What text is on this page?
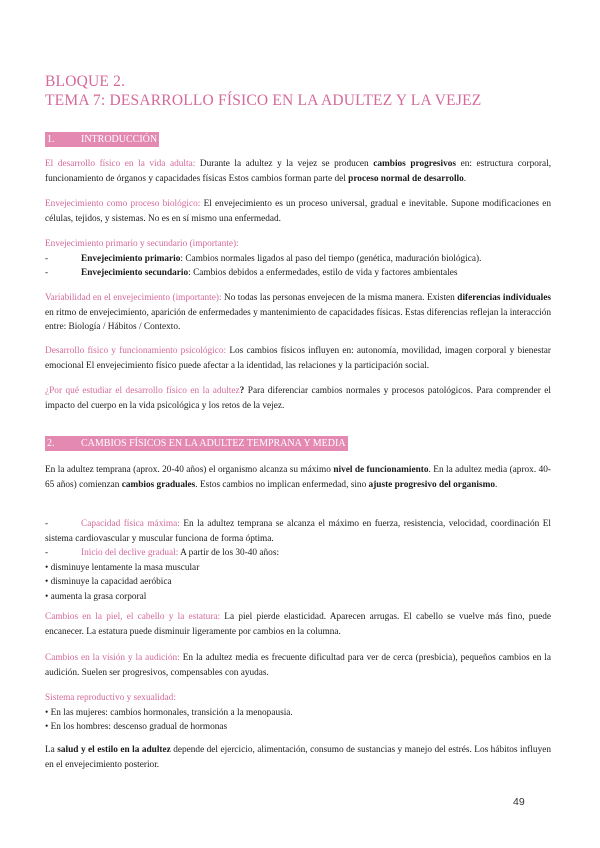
BLOQUE 2.

TEMA 7: DESARROLLO FÍSICO EN LA ADULTEZ Y LA VEJEZ

1.	INTRODUCCIÓN

El desarrollo físico en la vida adulta: Durante la adultez y la vejez se producen cambios progresivos en: estructura corporal, funcionamiento de órganos y capacidades físicas Estos cambios forman parte del proceso normal de desarrollo.

Envejecimiento como proceso biológico: El envejecimiento es un proceso universal, gradual e inevitable. Supone modificaciones en células, tejidos, y sistemas. No es en sí mismo una enfermedad.

Envejecimiento primario y secundario (importante):
-	Envejecimiento primario: Cambios normales ligados al paso del tiempo (genética, maduración biológica).
-	Envejecimiento secundario: Cambios debidos a enfermedades, estilo de vida y factores ambientales

Variabilidad en el envejecimiento (importante): No todas las personas envejecen de la misma manera. Existen diferencias individuales en ritmo de envejecimiento, aparición de enfermedades y mantenimiento de capacidades físicas. Estas diferencias reflejan la interacción entre: Biología / Hábitos / Contexto.

Desarrollo físico y funcionamiento psicológico: Los cambios físicos influyen en: autonomía, movilidad, imagen corporal y bienestar emocional El envejecimiento físico puede afectar a la identidad, las relaciones y la participación social.

¿Por qué estudiar el desarrollo físico en la adultez? Para diferenciar cambios normales y procesos patológicos. Para comprender el impacto del cuerpo en la vida psicológica y los retos de la vejez.

2.	CAMBIOS FÍSICOS EN LA ADULTEZ TEMPRANA Y MEDIA

En la adultez temprana (aprox. 20-40 años) el organismo alcanza su máximo nivel de funcionamiento. En la adultez media (aprox. 40-65 años) comienzan cambios graduales. Estos cambios no implican enfermedad, sino ajuste progresivo del organismo.

-	Capacidad física máxima: En la adultez temprana se alcanza el máximo en fuerza, resistencia, velocidad, coordinación El sistema cardiovascular y muscular funciona de forma óptima.
-	Inicio del declive gradual: A partir de los 30-40 años:
• disminuye lentamente la masa muscular
• disminuye la capacidad aeróbica
• aumenta la grasa corporal

Cambios en la piel, el cabello y la estatura: La piel pierde elasticidad. Aparecen arrugas. El cabello se vuelve más fino, puede encanecer. La estatura puede disminuir ligeramente por cambios en la columna.

Cambios en la visión y la audición: En la adultez media es frecuente dificultad para ver de cerca (presbicia), pequeños cambios en la audición. Suelen ser progresivos, compensables con ayudas.

Sistema reproductivo y sexualidad:
• En las mujeres: cambios hormonales, transición a la menopausia.
• En los hombres: descenso gradual de hormonas

La salud y el estilo en la adultez depende del ejercicio, alimentación, consumo de sustancias y manejo del estrés. Los hábitos influyen en el envejecimiento posterior.

49
